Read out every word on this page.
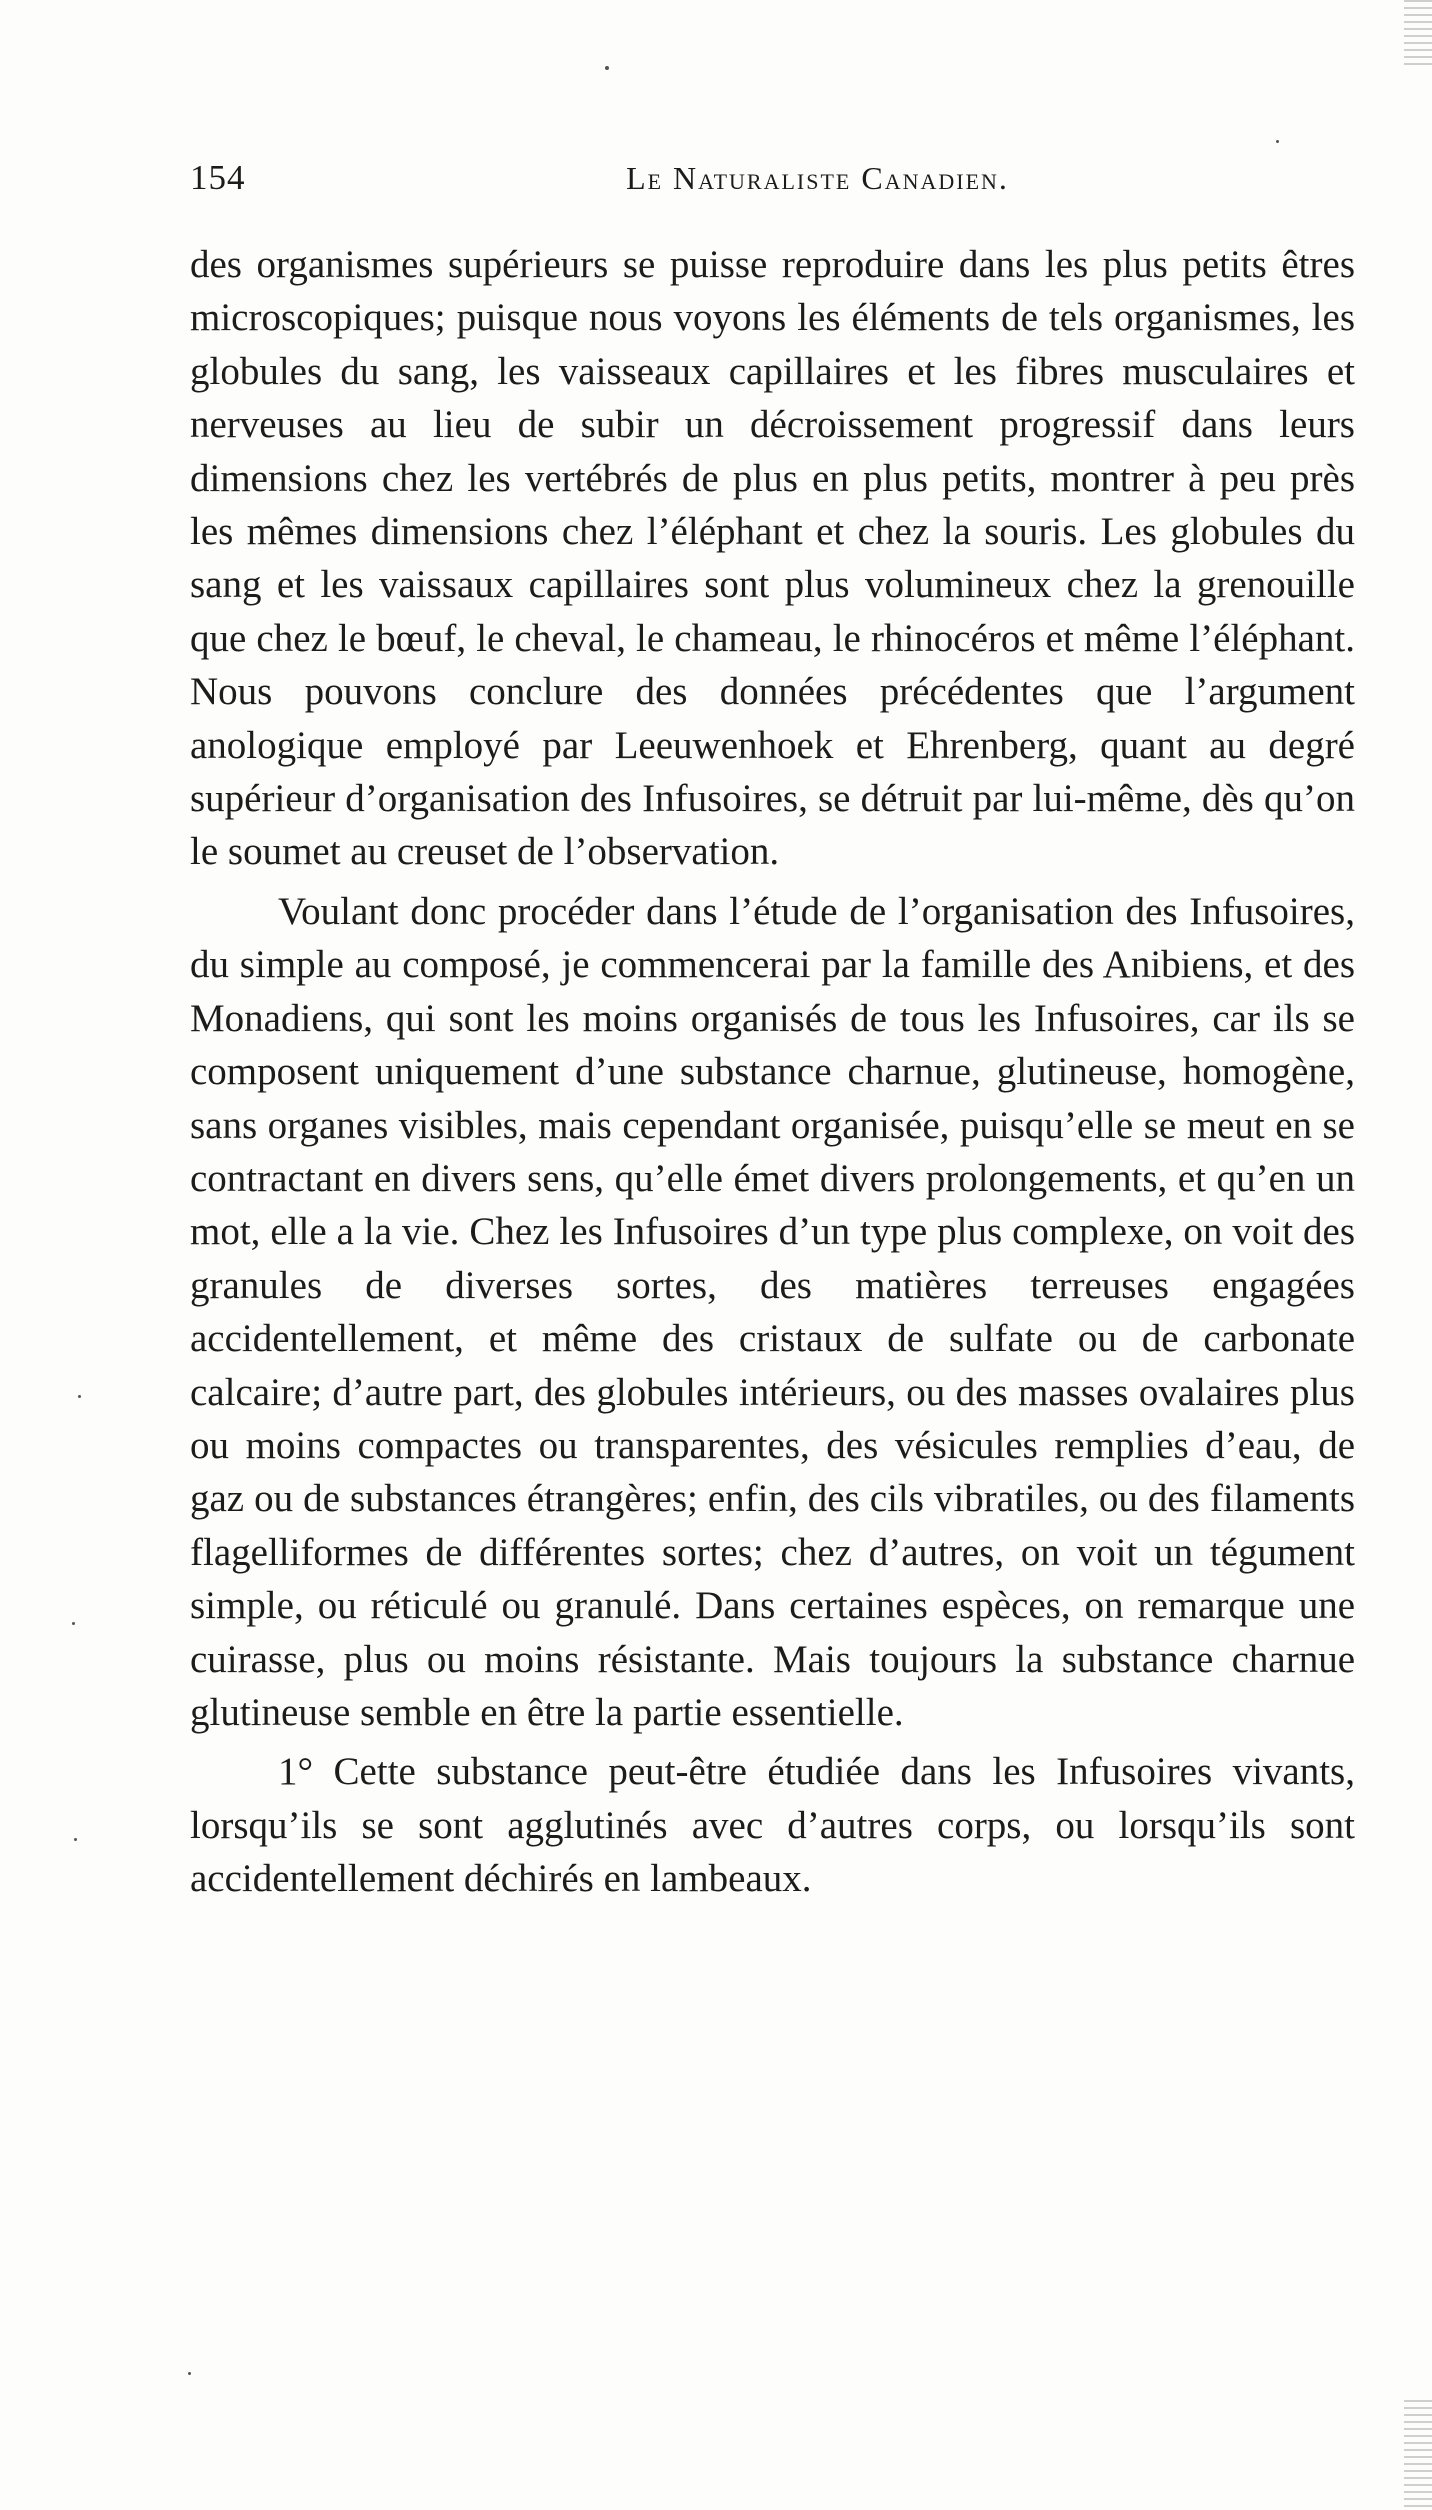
154	Le Naturaliste Canadien.

des organismes supérieurs se puisse reproduire dans les plus petits êtres microscopiques; puisque nous voyons les éléments de tels organismes, les globules du sang, les vaisseaux capillaires et les fibres musculaires et nerveuses au lieu de subir un décroissement progressif dans leurs dimensions chez les vertébrés de plus en plus petits, montrer à peu près les mêmes dimensions chez l’éléphant et chez la souris. Les globules du sang et les vaissaux capillaires sont plus volumineux chez la grenouille que chez le bœuf, le cheval, le chameau, le rhinocéros et même l’éléphant. Nous pouvons conclure des données précédentes que l’argument anologique employé par Leeuwenhoek et Ehrenberg, quant au degré supérieur d’organisation des Infusoires, se détruit par lui-même, dès qu’on le soumet au creuset de l’observation.

Voulant donc procéder dans l’étude de l’organisation des Infusoires, du simple au composé, je commencerai par la famille des Anibiens, et des Monadiens, qui sont les moins organisés de tous les Infusoires, car ils se composent uniquement d’une substance charnue, glutineuse, homogène, sans organes visibles, mais cependant organisée, puisqu’elle se meut en se contractant en divers sens, qu’elle émet divers prolongements, et qu’en un mot, elle a la vie. Chez les Infusoires d’un type plus complexe, on voit des granules de diverses sortes, des matières terreuses engagées accidentellement, et même des cristaux de sulfate ou de carbonate calcaire; d’autre part, des globules intérieurs, ou des masses ovalaires plus ou moins compactes ou transparentes, des vésicules remplies d’eau, de gaz ou de substances étrangères; enfin, des cils vibratiles, ou des filaments flagelliformes de différentes sortes; chez d’autres, on voit un tégument simple, ou réticulé ou granulé. Dans certaines espèces, on remarque une cuirasse, plus ou moins résistante. Mais toujours la substance charnue glutineuse semble en être la partie essentielle.

1° Cette substance peut-être étudiée dans les Infusoires vivants, lorsqu’ils se sont agglutinés avec d’autres corps, ou lorsqu’ils sont accidentellement déchirés en lambeaux.
